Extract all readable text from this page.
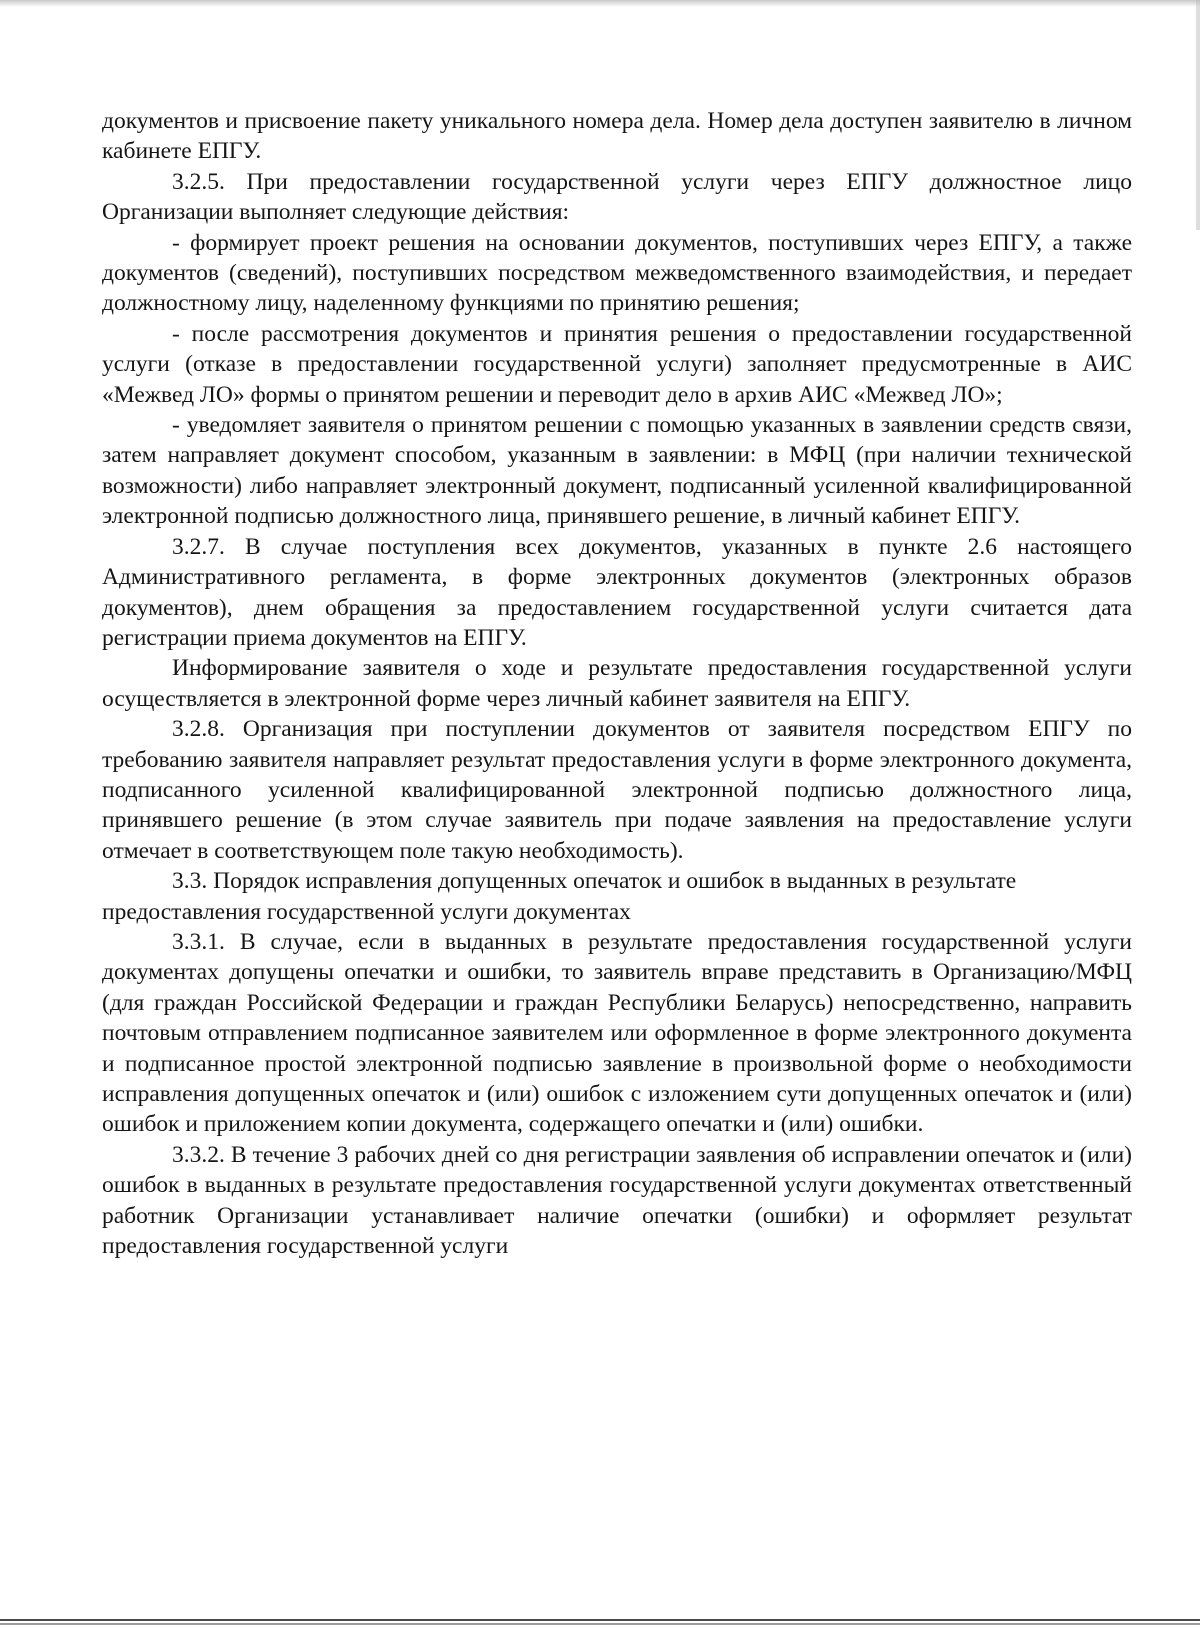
документов и присвоение пакету уникального номера дела. Номер дела доступен заявителю в личном кабинете ЕПГУ.

3.2.5. При предоставлении государственной услуги через ЕПГУ должностное лицо Организации выполняет следующие действия:

- формирует проект решения на основании документов, поступивших через ЕПГУ, а также документов (сведений), поступивших посредством межведомственного взаимодействия, и передает должностному лицу, наделенному функциями по принятию решения;

- после рассмотрения документов и принятия решения о предоставлении государственной услуги (отказе в предоставлении государственной услуги) заполняет предусмотренные в АИС «Межвед ЛО» формы о принятом решении и переводит дело в архив АИС «Межвед ЛО»;

- уведомляет заявителя о принятом решении с помощью указанных в заявлении средств связи, затем направляет документ способом, указанным в заявлении: в МФЦ (при наличии технической возможности) либо направляет электронный документ, подписанный усиленной квалифицированной электронной подписью должностного лица, принявшего решение, в личный кабинет ЕПГУ.

3.2.7. В случае поступления всех документов, указанных в пункте 2.6 настоящего Административного регламента, в форме электронных документов (электронных образов документов), днем обращения за предоставлением государственной услуги считается дата регистрации приема документов на ЕПГУ.

Информирование заявителя о ходе и результате предоставления государственной услуги осуществляется в электронной форме через личный кабинет заявителя на ЕПГУ.

3.2.8. Организация при поступлении документов от заявителя посредством ЕПГУ по требованию заявителя направляет результат предоставления услуги в форме электронного документа, подписанного усиленной квалифицированной электронной подписью должностного лица, принявшего решение (в этом случае заявитель при подаче заявления на предоставление услуги отмечает в соответствующем поле такую необходимость).

3.3. Порядок исправления допущенных опечаток и ошибок в выданных в результате предоставления государственной услуги документах

3.3.1. В случае, если в выданных в результате предоставления государственной услуги документах допущены опечатки и ошибки, то заявитель вправе представить в Организацию/МФЦ (для граждан Российской Федерации и граждан Республики Беларусь) непосредственно, направить почтовым отправлением подписанное заявителем или оформленное в форме электронного документа и подписанное простой электронной подписью заявление в произвольной форме о необходимости исправления допущенных опечаток и (или) ошибок с изложением сути допущенных опечаток и (или) ошибок и приложением копии документа, содержащего опечатки и (или) ошибки.

3.3.2. В течение 3 рабочих дней со дня регистрации заявления об исправлении опечаток и (или) ошибок в выданных в результате предоставления государственной услуги документах ответственный работник Организации устанавливает наличие опечатки (ошибки) и оформляет результат предоставления государственной услуги
